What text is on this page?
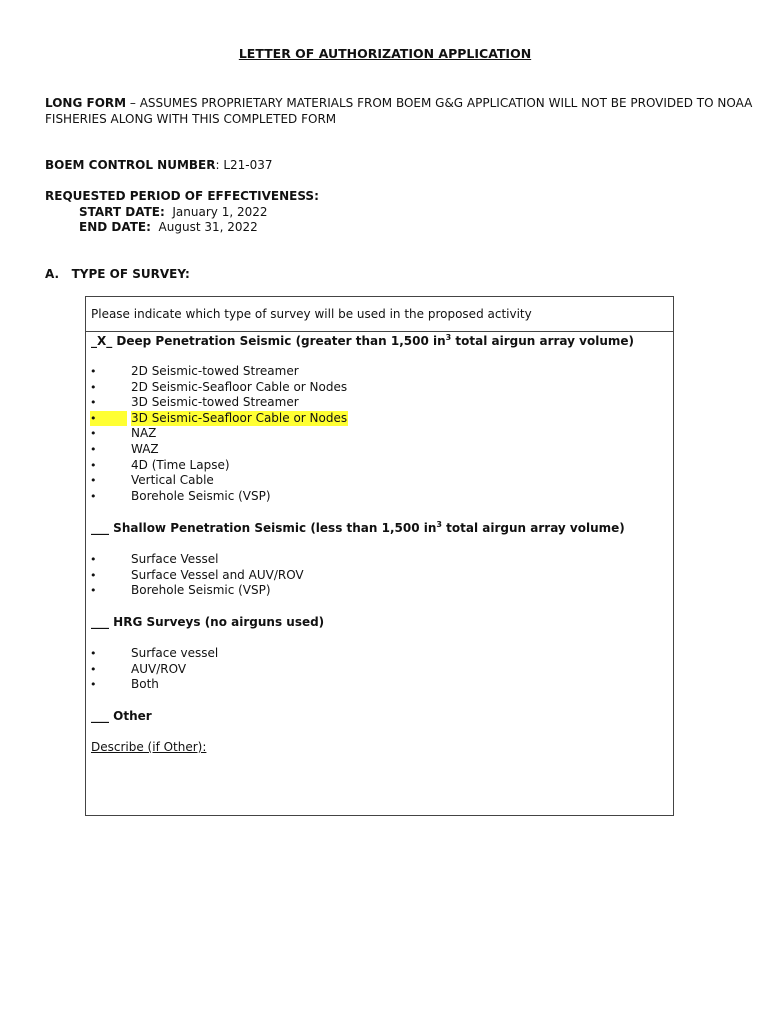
LETTER OF AUTHORIZATION APPLICATION
LONG FORM – ASSUMES PROPRIETARY MATERIALS FROM BOEM G&G APPLICATION WILL NOT BE PROVIDED TO NOAA
FISHERIES ALONG WITH THIS COMPLETED FORM
BOEM CONTROL NUMBER: L21-037
REQUESTED PERIOD OF EFFECTIVENESS:
START DATE: January 1, 2022
END DATE: August 31, 2022
A.   TYPE OF SURVEY:
Please indicate which type of survey will be used in the proposed activity
_X_ Deep Penetration Seismic (greater than 1,500 $in^3$ total airgun array volume)
•	2D Seismic-towed Streamer
•	2D Seismic-Seafloor Cable or Nodes
•	3D Seismic-towed Streamer
•	3D Seismic-Seafloor Cable or Nodes
•	NAZ
•	WAZ
•	4D (Time Lapse)
•	Vertical Cable
•	Borehole Seismic (VSP)
___ Shallow Penetration Seismic (less than 1,500 $in^3$ total airgun array volume)
•	Surface Vessel
•	Surface Vessel and AUV/ROV
•	Borehole Seismic (VSP)
___ HRG Surveys (no airguns used)
•	Surface vessel
•	AUV/ROV
•	Both
___ Other
Describe (if Other):
